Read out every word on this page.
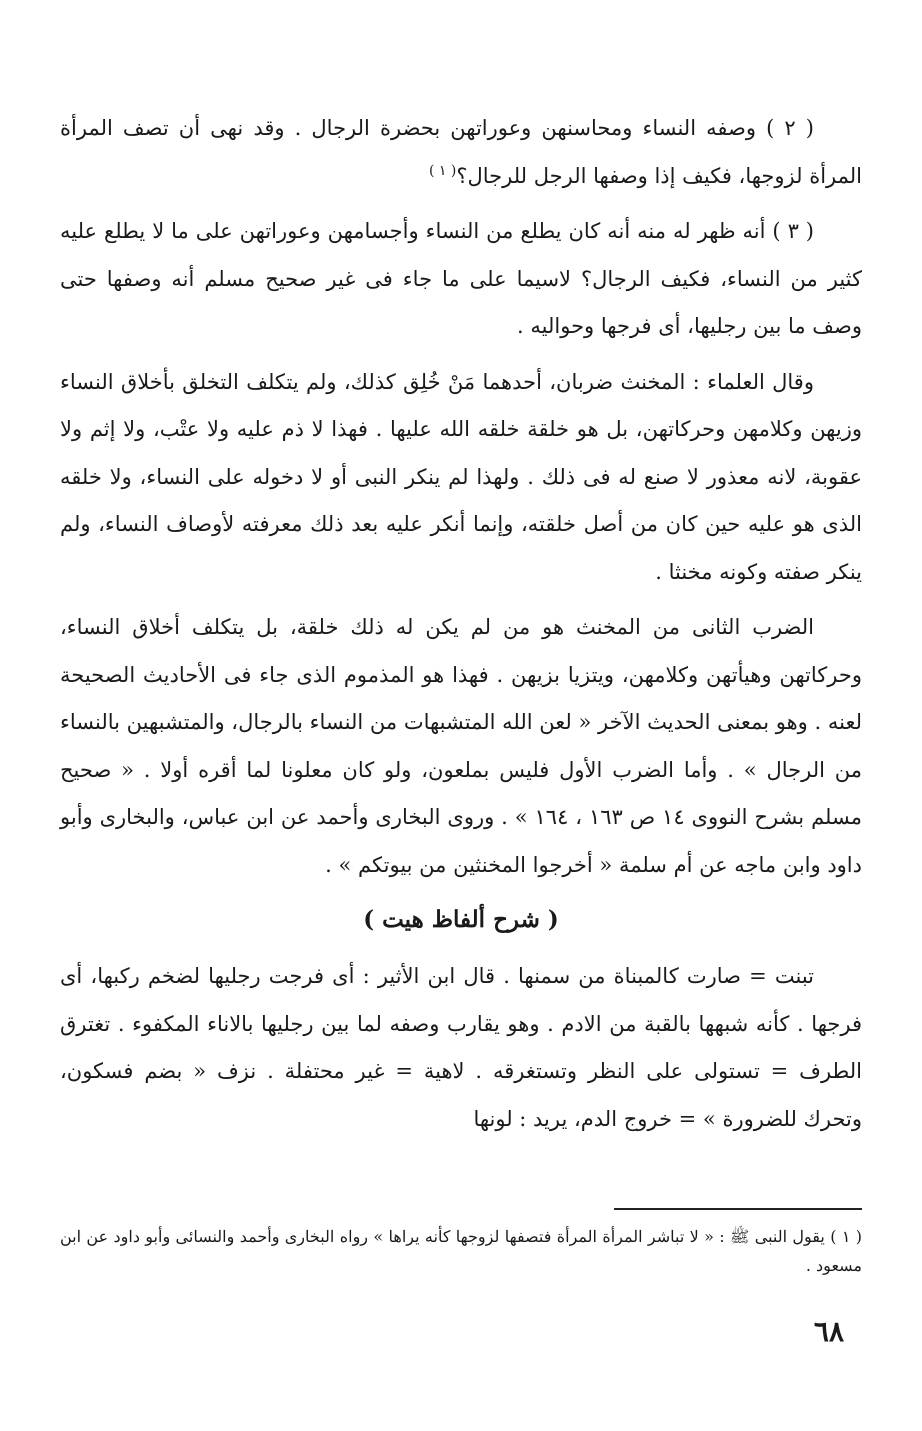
( ٢ ) وصفه النساء ومحاسنهن وعوراتهن بحضرة الرجال . وقد نهى أن تصف المرأة المرأة لزوجها، فكيف إذا وصفها الرجل للرجال؟$^{( ١ )}$

( ٣ ) أنه ظهر له منه أنه كان يطلع من النساء وأجسامهن وعوراتهن على ما لا يطلع عليه كثير من النساء، فكيف الرجال؟ لاسيما على ما جاء فى غير صحيح مسلم أنه وصفها حتى وصف ما بين رجليها، أى فرجها وحواليه .

وقال العلماء : المخنث ضربان، أحدهما مَنْ خُلِق كذلك، ولم يتكلف التخلق بأخلاق النساء وزيهن وكلامهن وحركاتهن، بل هو خلقة خلقه الله عليها . فهذا لا ذم عليه ولا عتْب، ولا إثم ولا عقوبة، لانه معذور لا صنع له فى ذلك . ولهذا لم ينكر النبى أو لا دخوله على النساء، ولا خلقه الذى هو عليه حين كان من أصل خلقته، وإنما أنكر عليه بعد ذلك معرفته لأوصاف النساء، ولم ينكر صفته وكونه مخنثا .

الضرب الثانى من المخنث هو من لم يكن له ذلك خلقة، بل يتكلف أخلاق النساء، وحركاتهن وهيأتهن وكلامهن، ويتزيا بزيهن . فهذا هو المذموم الذى جاء فى الأحاديث الصحيحة لعنه . وهو بمعنى الحديث الآخر « لعن الله المتشبهات من النساء بالرجال، والمتشبهين بالنساء من الرجال » . وأما الضرب الأول فليس بملعون، ولو كان معلونا لما أقره أولا . « صحيح مسلم بشرح النووى ١٤ ص ١٦٣ ، ١٦٤ » . وروى البخارى وأحمد عن ابن عباس، والبخارى وأبو داود وابن ماجه عن أم سلمة « أخرجوا المخنثين من بيوتكم » .

( شرح ألفاظ هيت )

تبنت = صارت كالمبناة من سمنها . قال ابن الأثير : أى فرجت رجليها لضخم ركبها، أى فرجها . كأنه شبهها بالقبة من الادم . وهو يقارب وصفه لما بين رجليها بالاناء المكفوء . تغترق الطرف = تستولى على النظر وتستغرقه . لاهية = غير محتفلة . نزف « بضم فسكون، وتحرك للضرورة » = خروج الدم، يريد : لونها

( ١ ) يقول النبى ﷺ : « لا تباشر المرأة المرأة فتصفها لزوجها كأنه يراها » رواه البخارى وأحمد والنسائى وأبو داود عن ابن مسعود .

٦٨
